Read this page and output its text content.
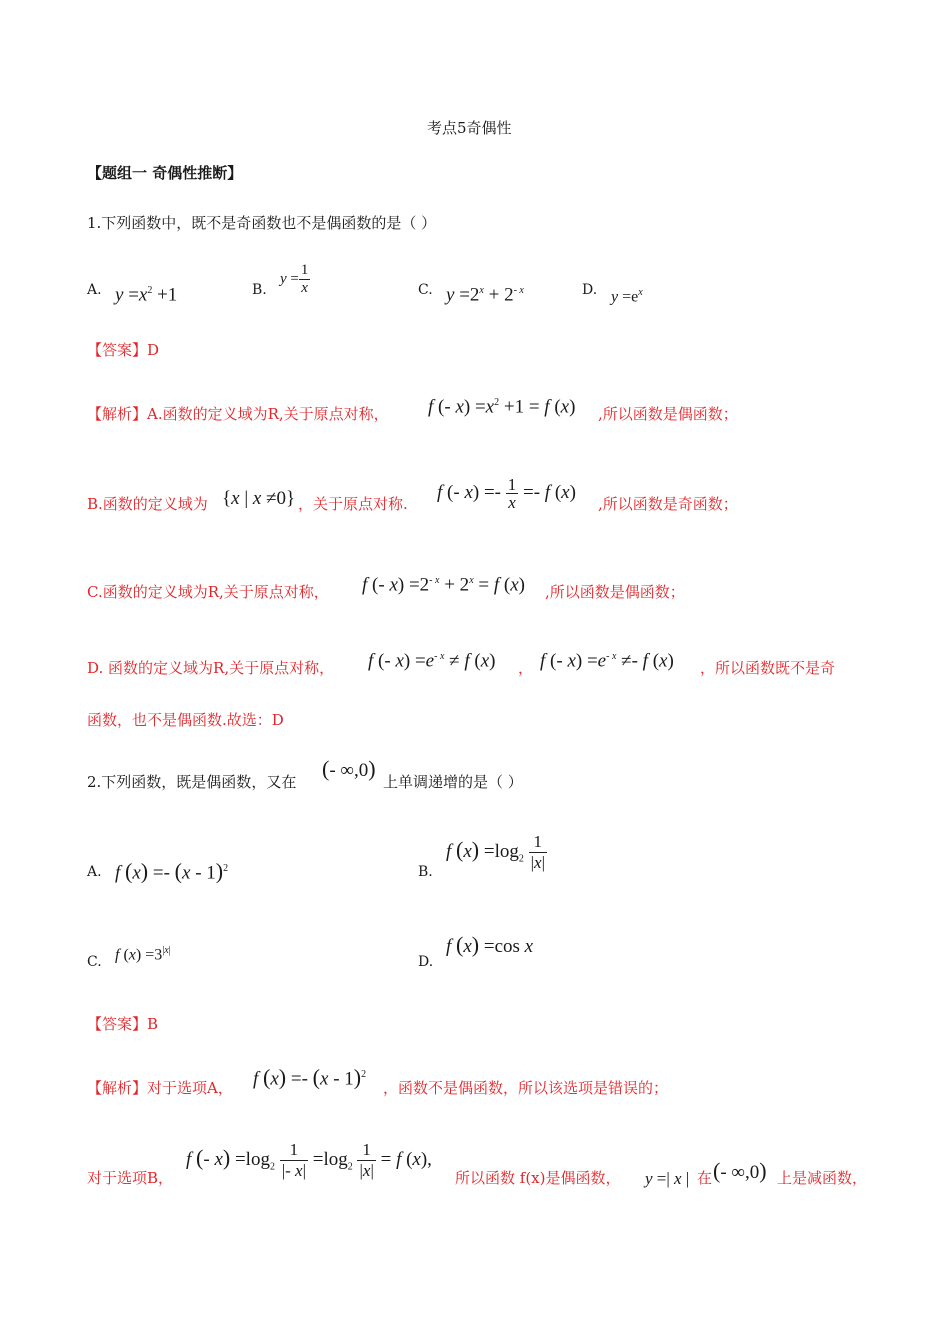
考点5奇偶性
【题组一 奇偶性推断】
1.下列函数中，既不是奇函数也不是偶函数的是（ ）
A. $y =x^2 +1$	B.
$y = \frac{1}{x}$	C. $y =2^x + 2^{- x}$	D. $y =e^x$
【答案】D
【解析】A.函数的定义域为R,关于原点对称， f (- $x) =x^2 +1 = f$ (x) ,所以函数是偶函数；
B.函数的定义域为 {x | x ≠0} ，关于原点对称.
f (- $x) =- \frac{1}{x} =- f$ (x)
,所以函数是奇函数；
C.函数的定义域为R,关于原点对称， f (- $x) =2^{- x} + 2^x = f$ (x) ,所以函数是偶函数；
D. 函数的定义域为R,关于原点对称， f (- $x) =e^{- x} \ne f$ (x) ， f (- $x) =e^{- x} \ne- f$ (x) ，所以函数既不是奇
函数，也不是偶函数.故选：D
2.下列函数，既是偶函数，又在
(- ∞,0)
上单调递增的是（ ）
A. f (x) =- (x - 1)$^2$	B.
f $(x) =\log_2 \frac{1}{|x|}$
C. f $(x) =3^{|x|}$
D.
f (x) =cos x
【答案】B
【解析】对于选项A， f (x) =- (x - 1)$^2$
，函数不是偶函数，所以该选项是错误的；
对于选项B，
f (- $x) =\log_2 \frac{1}{|- x|} =\log_2 \frac{1}{|x|} = f$ (x),
所以函数 f(x)是偶函数， y =| x | 在 (- ∞,0) 上是减函数，
